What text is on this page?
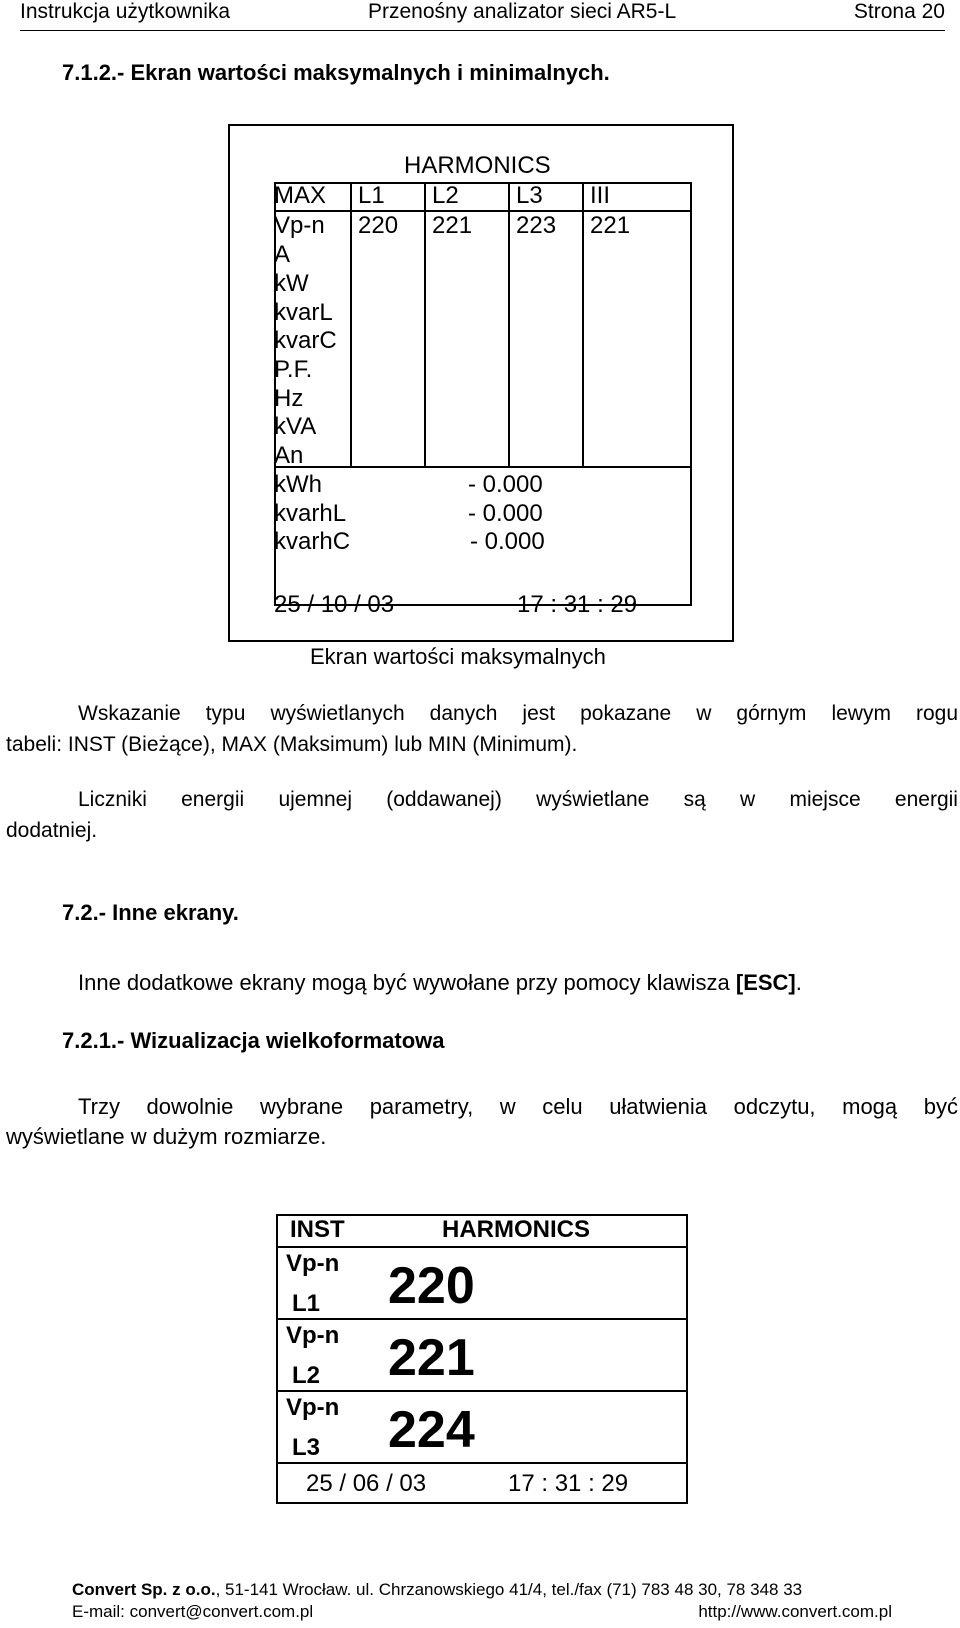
Instrukcja użytkownika	Przenośny analizator sieci AR5-L	Strona 20
7.1.2.- Ekran wartości maksymalnych i minimalnych.
HARMONICS
MAX L1 L2 L3 III
Vp-n 220 221 223 221
A
kW
kvarL
kvarC
P.F.
Hz
kVA
An
kWh	- 0.000
kvarhL	- 0.000
kvarhC	- 0.000
25 / 10 / 03	17 : 31 : 29
Ekran wartości maksymalnych
Wskazanie typu wyświetlanych danych jest pokazane w górnym lewym rogu
tabeli: INST (Bieżące), MAX (Maksimum) lub MIN (Minimum).
Liczniki energii ujemnej (oddawanej) wyświetlane są w miejsce energii
dodatniej.
7.2.- Inne ekrany.
Inne dodatkowe ekrany mogą być wywołane przy pomocy klawisza [ESC].
7.2.1.- Wizualizacja wielkoformatowa
Trzy dowolnie wybrane parametry, w celu ułatwienia odczytu, mogą być
wyświetlane w dużym rozmiarze.
INST	HARMONICS
Vp-n
L1 220
Vp-n
L2 221
Vp-n
L3 224
25 / 06 / 03	17 : 31 : 29
Convert Sp. z o.o., 51-141 Wrocław. ul. Chrzanowskiego 41/4, tel./fax (71) 783 48 30, 78 348 33
E-mail: convert@convert.com.pl	http://www.convert.com.pl
